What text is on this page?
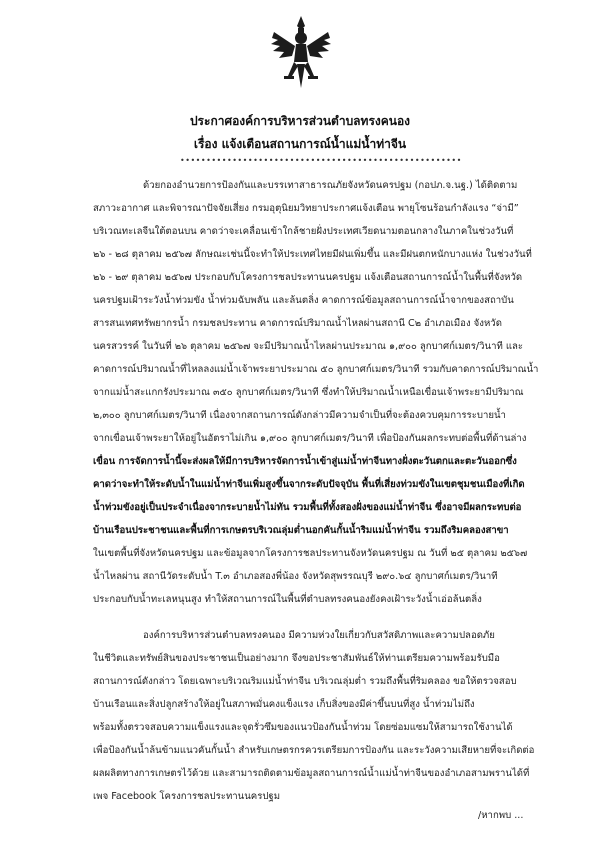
ประกาศองค์การบริหารส่วนตำบลทรงคนอง
เรื่อง แจ้งเตือนสถานการณ์น้ำแม่น้ำท่าจีน
••••••••••••••••••••••••••••••••••••••••••••••••••••••
ด้วยกองอำนวยการป้องกันและบรรเทาสาธารณภัยจังหวัดนครปฐม (กอปภ.จ.นฐ.) ได้ติดตาม
สภาวะอากาศ และพิจารณาปัจจัยเสี่ยง กรมอุตุนิยมวิทยาประกาศแจ้งเตือน พายุโซนร้อนกำลังแรง “จ่ามี”
บริเวณทะเลจีนใต้ตอนบน คาดว่าจะเคลื่อนเข้าใกล้ชายฝั่งประเทศเวียดนามตอนกลางในภาคในช่วงวันที่
๒๖ - ๒๘ ตุลาคม ๒๕๖๗ ลักษณะเช่นนี้จะทำให้ประเทศไทยมีฝนเพิ่มขึ้น และมีฝนตกหนักบางแห่ง ในช่วงวันที่
๒๖ - ๒๙ ตุลาคม ๒๕๖๗ ประกอบกับโครงการชลประทานนครปฐม แจ้งเตือนสถานการณ์น้ำในพื้นที่จังหวัด
นครปฐมเฝ้าระวังน้ำท่วมขัง น้ำท่วมฉับพลัน และล้นตลิ่ง คาดการณ์ข้อมูลสถานการณ์น้ำจากของสถาบัน
สารสนเทศทรัพยากรน้ำ กรมชลประทาน คาดการณ์ปริมาณน้ำไหลผ่านสถานี C๒ อำเภอเมือง จังหวัด
นครสวรรค์ ในวันที่ ๒๖ ตุลาคม ๒๕๖๗ จะมีปริมาณน้ำไหลผ่านประมาณ ๑,๙๐๐ ลูกบาศก์เมตร/วินาที และ
คาดการณ์ปริมาณน้ำที่ไหลลงแม่น้ำเจ้าพระยาประมาณ ๕๐ ลูกบาศก์เมตร/วินาที รวมกับคาดการณ์ปริมาณน้ำ
จากแม่น้ำสะแกกรังประมาณ ๓๕๐ ลูกบาศก์เมตร/วินาที ซึ่งทำให้ปริมาณน้ำเหนือเขื่อนเจ้าพระยามีปริมาณ
๒,๓๐๐ ลูกบาศก์เมตร/วินาที เนื่องจากสถานการณ์ดังกล่าวมีความจำเป็นที่จะต้องควบคุมการระบายน้ำ
จากเขื่อนเจ้าพระยาให้อยู่ในอัตราไม่เกิน ๑,๙๐๐ ลูกบาศก์เมตร/วินาที เพื่อป้องกันผลกระทบต่อพื้นที่ด้านล่าง
เขื่อน การจัดการน้ำนี้จะส่งผลให้มีการบริหารจัดการน้ำเข้าสู่แม่น้ำท่าจีนทางฝั่งตะวันตกและตะวันออกซึ่ง
คาดว่าจะทำให้ระดับน้ำในแม่น้ำท่าจีนเพิ่มสูงขึ้นจากระดับปัจจุบัน พื้นที่เสี่ยงท่วมขังในเขตชุมชนเมืองที่เกิด
น้ำท่วมขังอยู่เป็นประจำเนื่องจากระบายน้ำไม่ทัน รวมพื้นที่ทั้งสองฝั่งของแม่น้ำท่าจีน ซึ่งอาจมีผลกระทบต่อ
บ้านเรือนประชาชนและพื้นที่การเกษตรบริเวณลุ่มต่ำนอกคันกั้นน้ำริมแม่น้ำท่าจีน รวมถึงริมคลองสาขา
ในเขตพื้นที่จังหวัดนครปฐม และข้อมูลจากโครงการชลประทานจังหวัดนครปฐม ณ วันที่ ๒๕ ตุลาคม ๒๕๖๗
น้ำไหลผ่าน สถานีวัดระดับน้ำ T.๓ อำเภอสองพี่น้อง จังหวัดสุพรรณบุรี ๒๙๐.๖๔ ลูกบาศก์เมตร/วินาที
ประกอบกับน้ำทะเลหนุนสูง ทำให้สถานการณ์ในพื้นที่ตำบลทรงคนองยังคงเฝ้าระวังน้ำเอ่อล้นตลิ่ง
องค์การบริหารส่วนตำบลทรงคนอง มีความห่วงใยเกี่ยวกับสวัสดิภาพและความปลอดภัย
ในชีวิตและทรัพย์สินของประชาชนเป็นอย่างมาก จึงขอประชาสัมพันธ์ให้ท่านเตรียมความพร้อมรับมือ
สถานการณ์ดังกล่าว โดยเฉพาะบริเวณริมแม่น้ำท่าจีน บริเวณลุ่มต่ำ รวมถึงพื้นที่ริมคลอง ขอให้ตรวจสอบ
บ้านเรือนและสิ่งปลูกสร้างให้อยู่ในสภาพมั่นคงแข็งแรง เก็บสิ่งของมีค่าขึ้นบนที่สูง น้ำท่วมไม่ถึง
พร้อมทั้งตรวจสอบความแข็งแรงและจุดรั่วซึมของแนวป้องกันน้ำท่วม โดยซ่อมแซมให้สามารถใช้งานได้
เพื่อป้องกันน้ำล้นข้ามแนวคันกั้นน้ำ สำหรับเกษตรกรควรเตรียมการป้องกัน และระวังความเสียหายที่จะเกิดต่อ
ผลผลิตทางการเกษตรไว้ด้วย และสามารถติดตามข้อมูลสถานการณ์น้ำแม่น้ำท่าจีนของอำเภอสามพรานได้ที่
เพจ Facebook โครงการชลประทานนครปฐม
/หากพบ ...
